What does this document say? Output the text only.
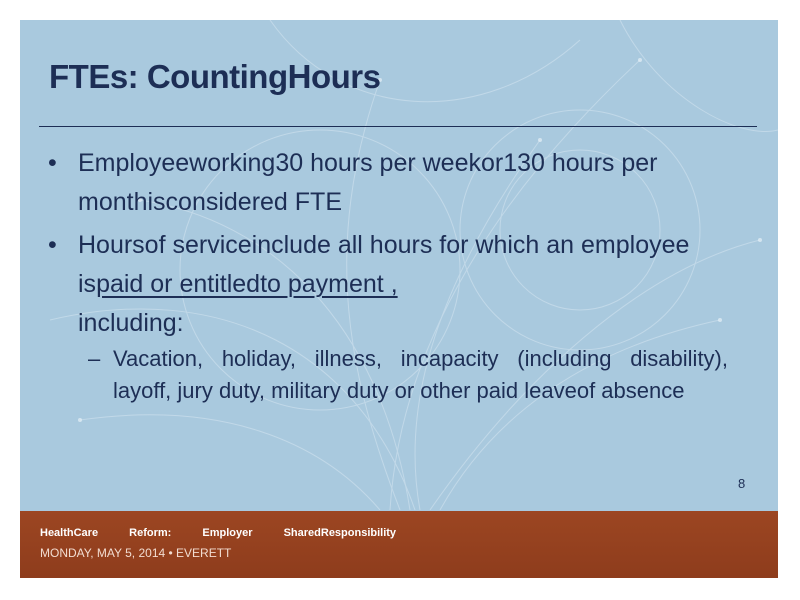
FTEs: CountingHours
• Employeeworking30 hours per weekor130 hours per monthisconsidered FTE
• Hoursof serviceinclude all hours for which an employee ispaid or entitledto payment ,
including:
– Vacation, holiday, illness, incapacity (including disability), layoff, jury duty, military duty or other paid leaveof absence
8
HealthCare	Reform:	Employer	SharedResponsibility
MONDAY, MAY 5, 2014 • EVERETT
